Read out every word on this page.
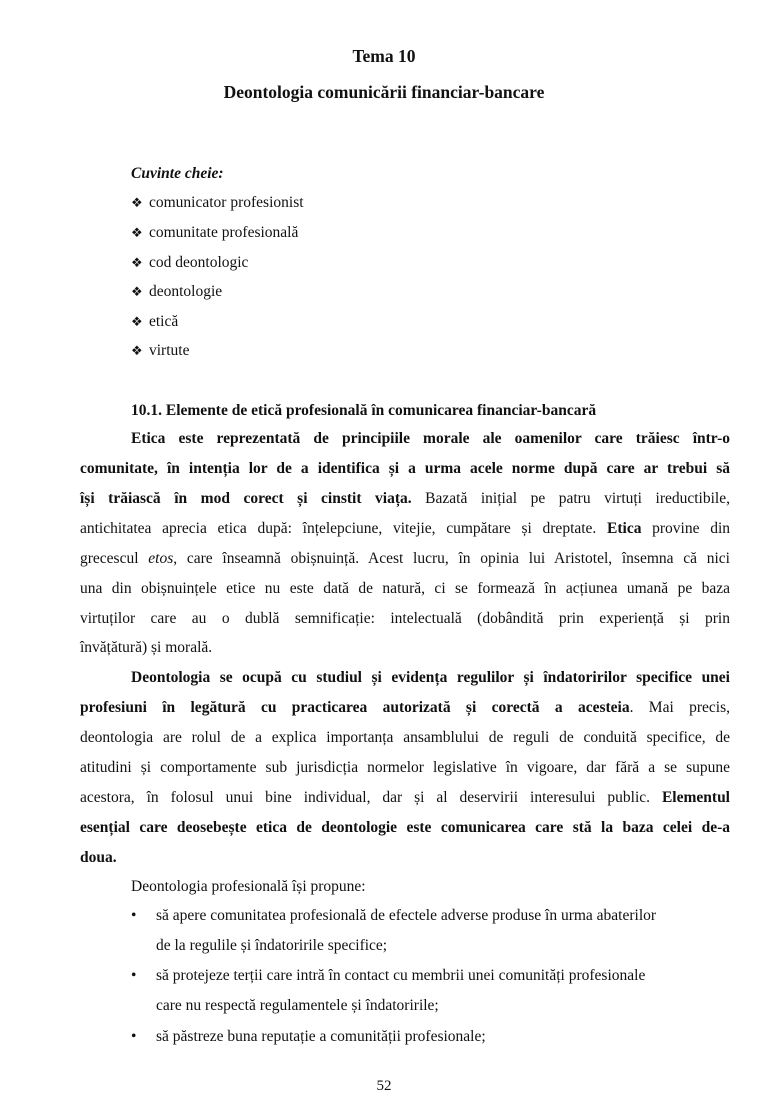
Tema 10
Deontologia comunicării financiar-bancare
Cuvinte cheie:
❖ comunicator profesionist
❖ comunitate profesională
❖ cod deontologic
❖ deontologie
❖ etică
❖ virtute
10.1. Elemente de etică profesională în comunicarea financiar-bancară
Etica este reprezentată de principiile morale ale oamenilor care trăiesc într-o
comunitate, în intenția lor de a identifica și a urma acele norme după care ar trebui să
își trăiască în mod corect și cinstit viața. Bazată inițial pe patru virtuți ireductibile,
antichitatea aprecia etica după: înțelepciune, vitejie, cumpătare și dreptate. Etica provine din
grecescul etos, care înseamnă obișnuință. Acest lucru, în opinia lui Aristotel, însemna că nici
una din obișnuințele etice nu este dată de natură, ci se formează în acțiunea umană pe baza
virtuților care au o dublă semnificație: intelectuală (dobândită prin experiență și prin
învățătură) și morală.
Deontologia se ocupă cu studiul și evidența regulilor și îndatoririlor specifice unei
profesiuni în legătură cu practicarea autorizată și corectă a acesteia. Mai precis,
deontologia are rolul de a explica importanța ansamblului de reguli de conduită specifice, de
atitudini și comportamente sub jurisdicția normelor legislative în vigoare, dar fără a se supune
acestora, în folosul unui bine individual, dar și al deservirii interesului public. Elementul
esențial care deosebește etica de deontologie este comunicarea care stă la baza celei de-a
doua.
Deontologia profesională își propune:
• să apere comunitatea profesională de efectele adverse produse în urma abaterilor
de la regulile și îndatoririle specifice;
• să protejeze terții care intră în contact cu membrii unei comunități profesionale
care nu respectă regulamentele și îndatoririle;
• să păstreze buna reputație a comunității profesionale;
52
